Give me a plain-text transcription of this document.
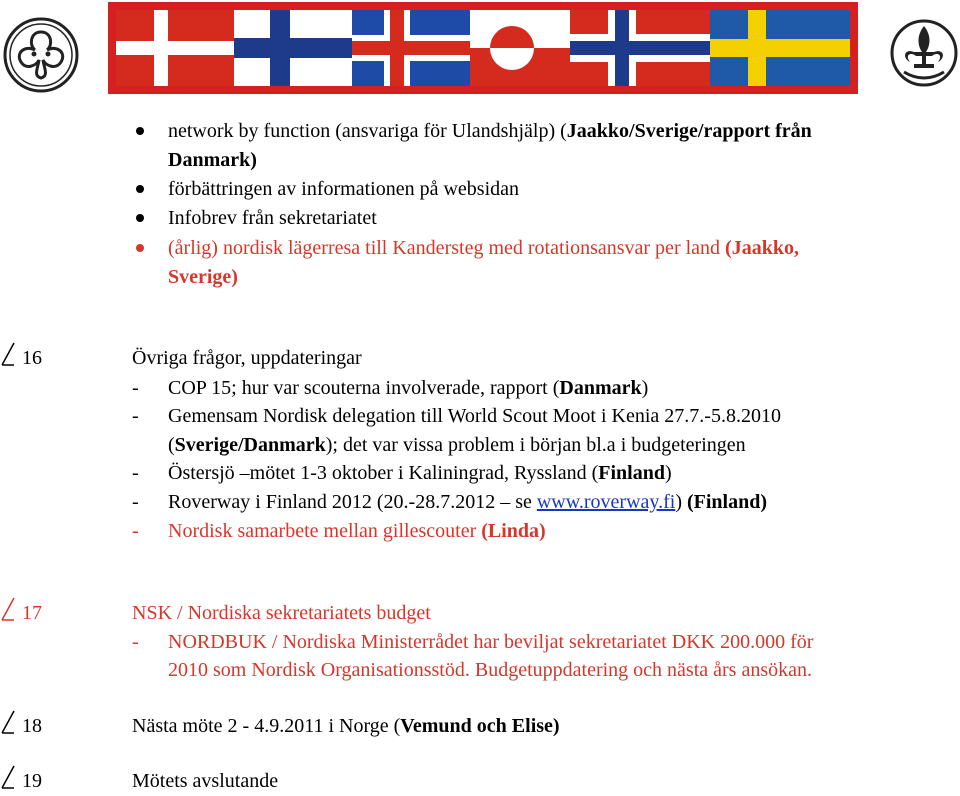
network by function (ansvariga för Ulandshjälp) (Jaakko/Sverige/rapport från
Danmark)
förbättringen av informationen på websidan
Infobrev från sekretariatet
(årlig) nordisk lägerresa till Kandersteg med rotationsansvar per land (Jaakko,
Sverige)
16	Övriga frågor, uppdateringar
- COP 15; hur var scouterna involverade, rapport (Danmark)
- Gemensam Nordisk delegation till World Scout Moot i Kenia 27.7.-5.8.2010
(Sverige/Danmark); det var vissa problem i början bl.a i budgeteringen
- Östersjö –mötet 1-3 oktober i Kaliningrad, Ryssland (Finland)
- Roverway i Finland 2012 (20.-28.7.2012 – se www.roverway.fi) (Finland)
- Nordisk samarbete mellan gillescouter (Linda)
17	NSK / Nordiska sekretariatets budget
- NORDBUK / Nordiska Ministerrådet har beviljat sekretariatet DKK 200.000 för
2010 som Nordisk Organisationsstöd. Budgetuppdatering och nästa års ansökan.
18	Nästa möte 2 - 4.9.2011 i Norge (Vemund och Elise)
19	Mötets avslutande
